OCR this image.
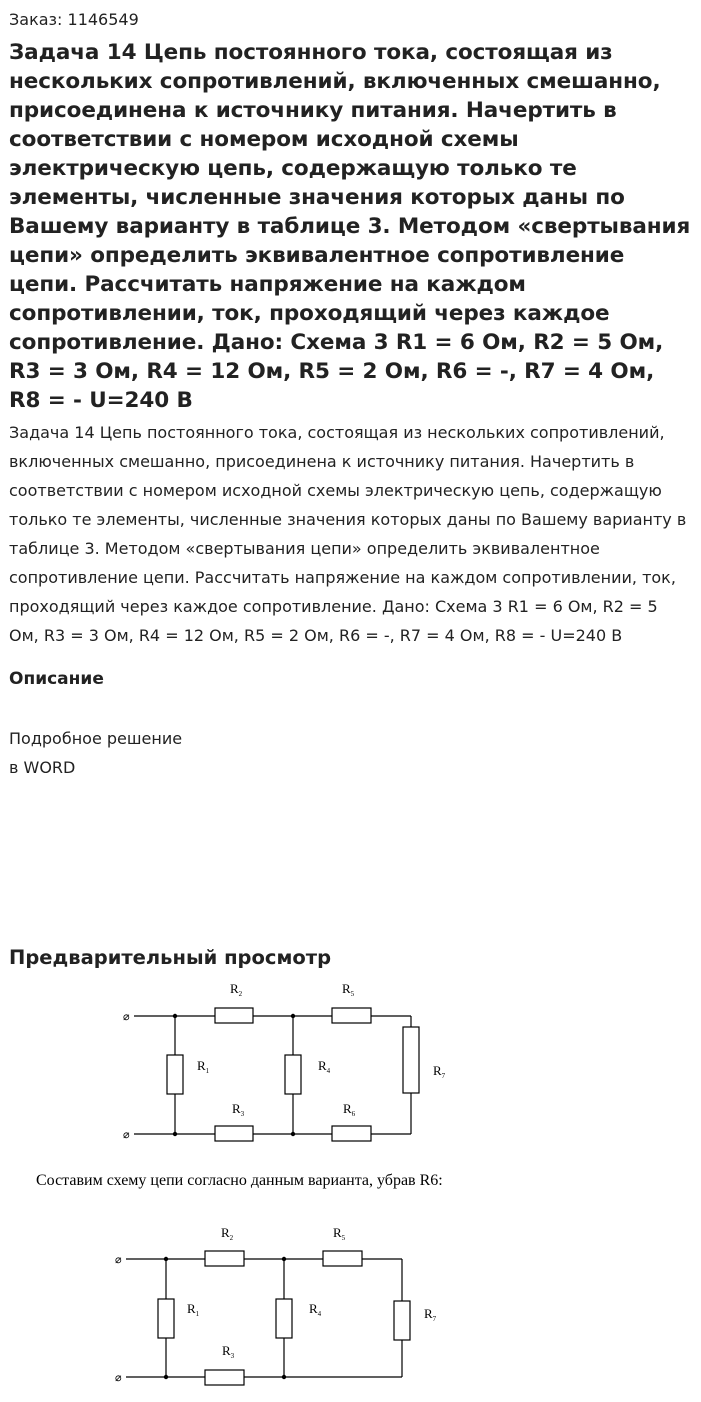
Заказ: 1146549
Задача 14 Цепь постоянного тока, состоящая из нескольких сопротивлений, включенных смешанно, присоединена к источнику питания. Начертить в соответствии с номером исходной схемы электрическую цепь, содержащую только те элементы, численные значения которых даны по Вашему варианту в таблице 3. Методом «свертывания цепи» определить эквивалентное сопротивление цепи. Рассчитать напряжение на каждом сопротивлении, ток, проходящий через каждое сопротивление. Дано: Схема 3 R1 = 6 Ом, R2 = 5 Ом, R3 = 3 Ом, R4 = 12 Ом, R5 = 2 Ом, R6 = -, R7 = 4 Ом, R8 = - U=240 В

Задача 14 Цепь постоянного тока, состоящая из нескольких сопротивлений, включенных смешанно, присоединена к источнику питания. Начертить в соответствии с номером исходной схемы электрическую цепь, содержащую только те элементы, численные значения которых даны по Вашему варианту в таблице 3. Методом «свертывания цепи» определить эквивалентное сопротивление цепи. Рассчитать напряжение на каждом сопротивлении, ток, проходящий через каждое сопротивление. Дано: Схема 3 R1 = 6 Ом, R2 = 5 Ом, R3 = 3 Ом, R4 = 12 Ом, R5 = 2 Ом, R6 = -, R7 = 4 Ом, R8 = - U=240 В

Описание
Подробное решение
в WORD
Предварительный просмотр
⌀
⌀
$R_2$	$R_5$
$R_1$	$R_4$	$R_7$
$R_3$	$R_6$
Составим схему цепи согласно данным варианта, убрав R6:
⌀
⌀
$R_2$	$R_5$
$R_1$	$R_4$	$R_7$
$R_3$
